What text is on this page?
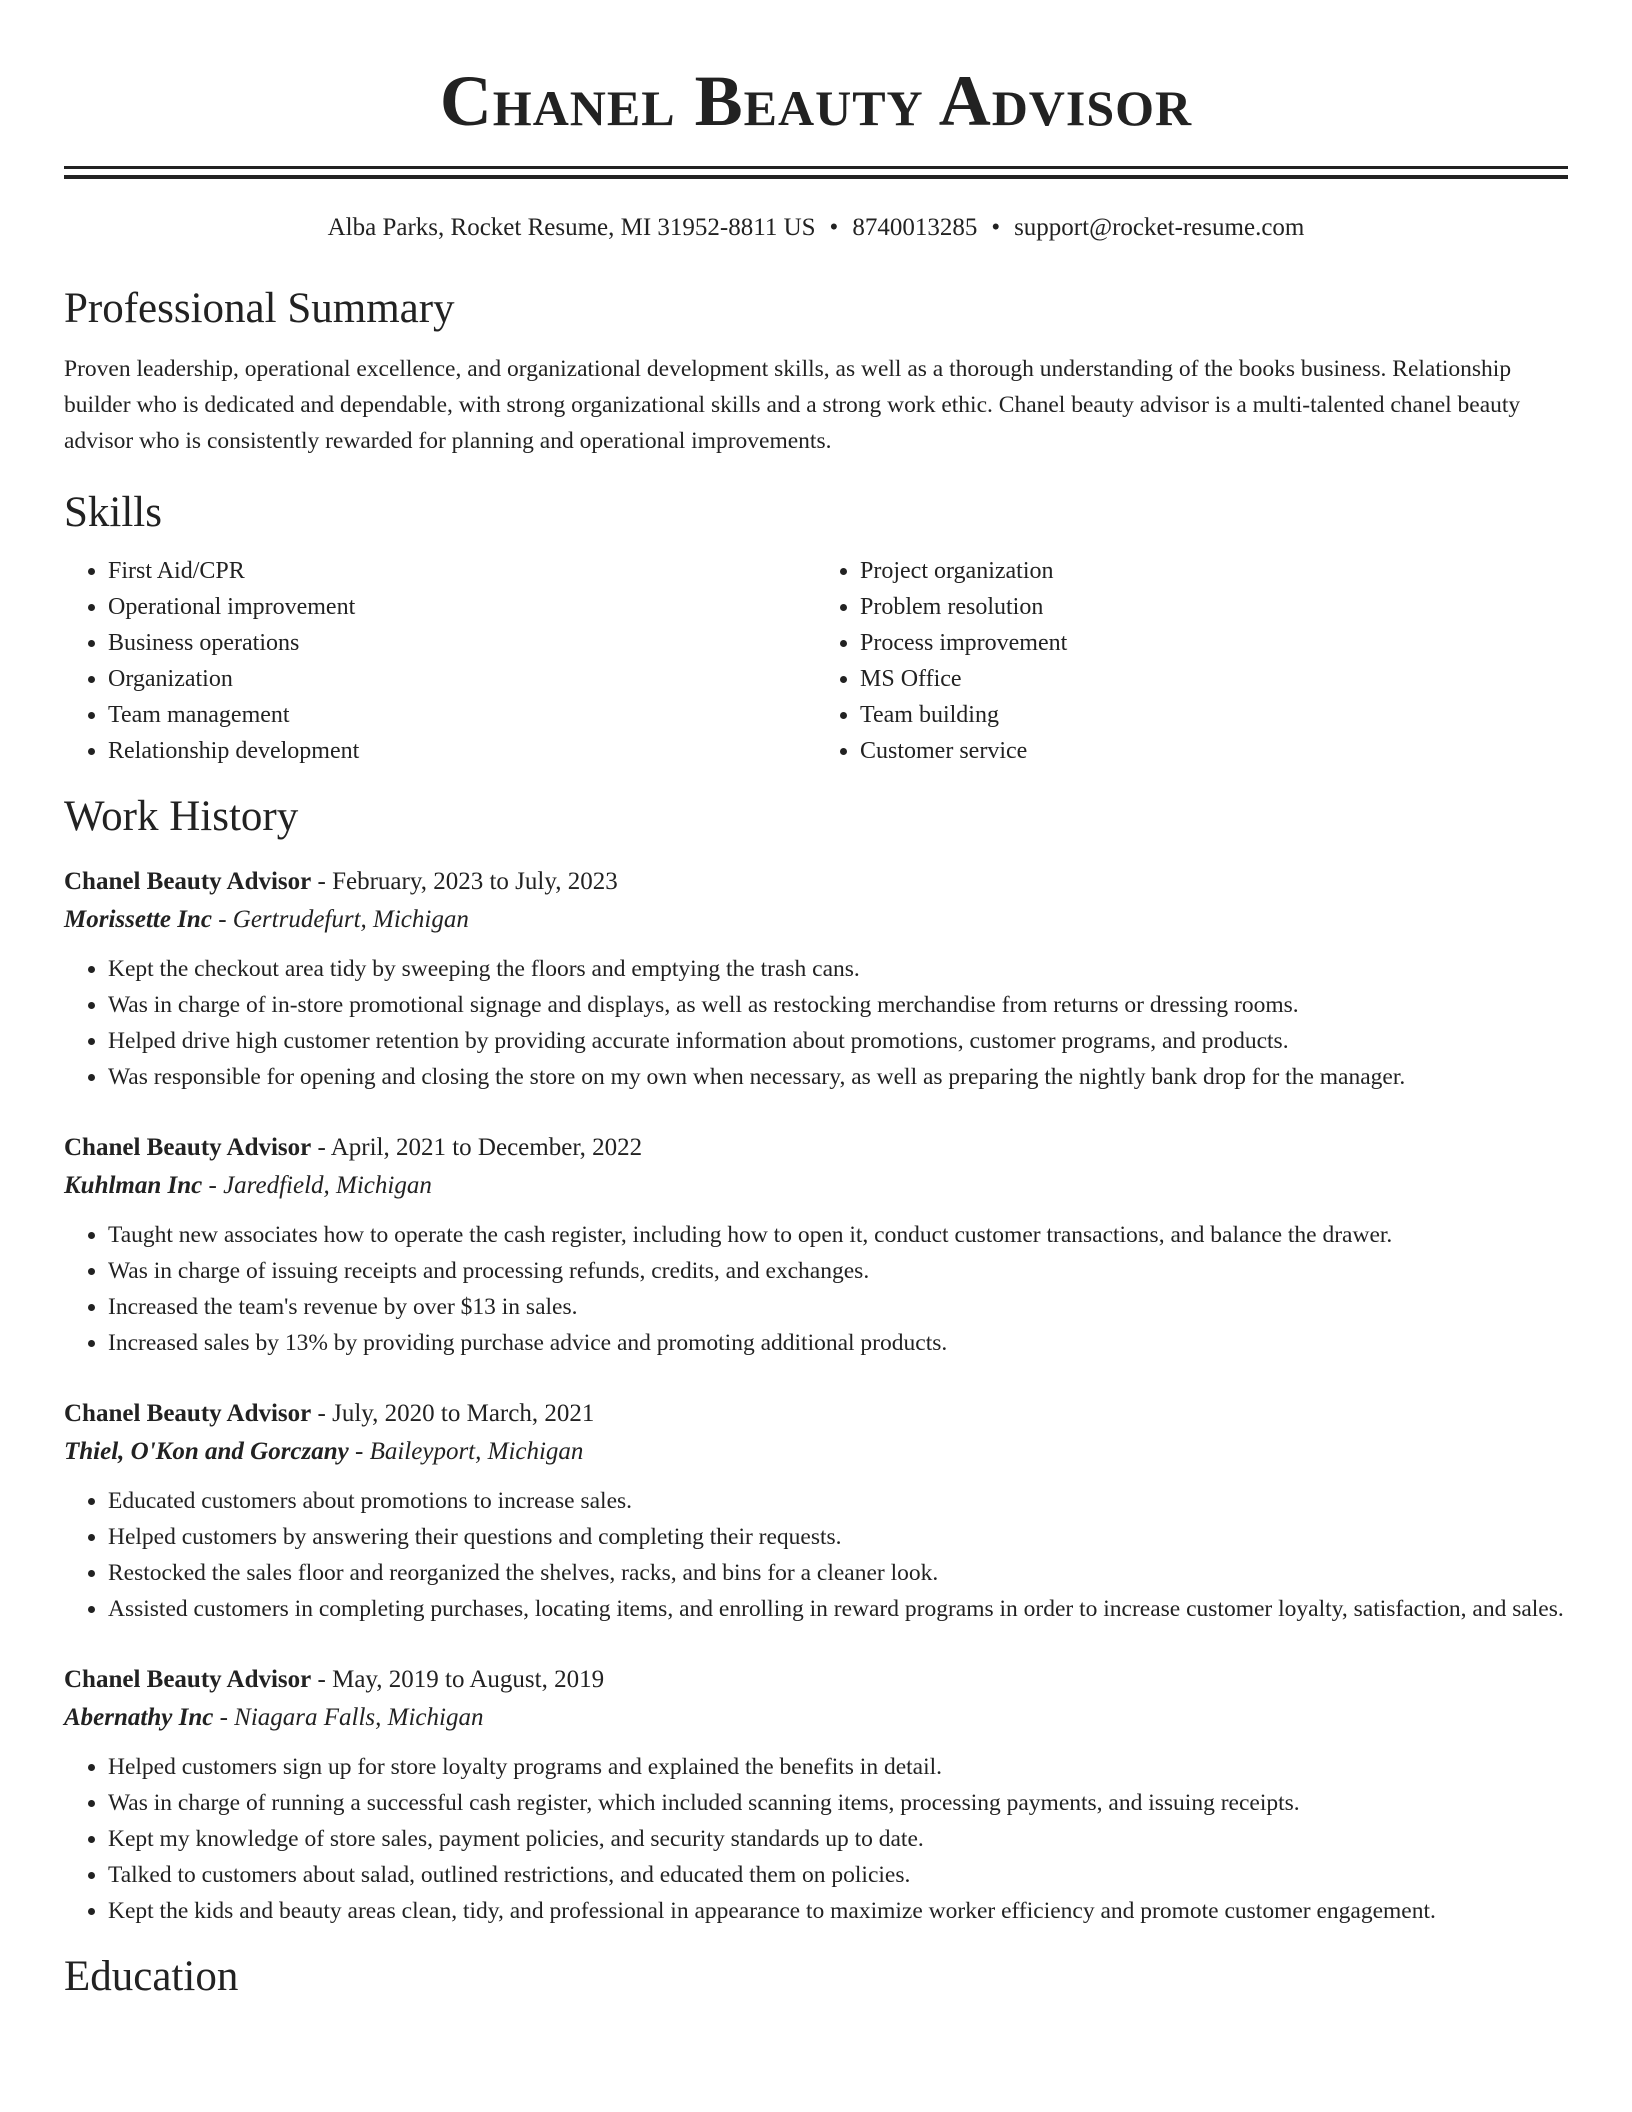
Chanel Beauty Advisor
Alba Parks, Rocket Resume, MI 31952-8811 US • 8740013285 • support@rocket-resume.com
Professional Summary
Proven leadership, operational excellence, and organizational development skills, as well as a thorough understanding of the books business. Relationship builder who is dedicated and dependable, with strong organizational skills and a strong work ethic. Chanel beauty advisor is a multi-talented chanel beauty advisor who is consistently rewarded for planning and operational improvements.
Skills
• First Aid/CPR
• Operational improvement
• Business operations
• Organization
• Team management
• Relationship development
• Project organization
• Problem resolution
• Process improvement
• MS Office
• Team building
• Customer service
Work History
Chanel Beauty Advisor - February, 2023 to July, 2023
Morissette Inc - Gertrudefurt, Michigan
• Kept the checkout area tidy by sweeping the floors and emptying the trash cans.
• Was in charge of in-store promotional signage and displays, as well as restocking merchandise from returns or dressing rooms.
• Helped drive high customer retention by providing accurate information about promotions, customer programs, and products.
• Was responsible for opening and closing the store on my own when necessary, as well as preparing the nightly bank drop for the manager.
Chanel Beauty Advisor - April, 2021 to December, 2022
Kuhlman Inc - Jaredfield, Michigan
• Taught new associates how to operate the cash register, including how to open it, conduct customer transactions, and balance the drawer.
• Was in charge of issuing receipts and processing refunds, credits, and exchanges.
• Increased the team's revenue by over $13 in sales.
• Increased sales by 13% by providing purchase advice and promoting additional products.
Chanel Beauty Advisor - July, 2020 to March, 2021
Thiel, O'Kon and Gorczany - Baileyport, Michigan
• Educated customers about promotions to increase sales.
• Helped customers by answering their questions and completing their requests.
• Restocked the sales floor and reorganized the shelves, racks, and bins for a cleaner look.
• Assisted customers in completing purchases, locating items, and enrolling in reward programs in order to increase customer loyalty, satisfaction, and sales.
Chanel Beauty Advisor - May, 2019 to August, 2019
Abernathy Inc - Niagara Falls, Michigan
• Helped customers sign up for store loyalty programs and explained the benefits in detail.
• Was in charge of running a successful cash register, which included scanning items, processing payments, and issuing receipts.
• Kept my knowledge of store sales, payment policies, and security standards up to date.
• Talked to customers about salad, outlined restrictions, and educated them on policies.
• Kept the kids and beauty areas clean, tidy, and professional in appearance to maximize worker efficiency and promote customer engagement.
Education
